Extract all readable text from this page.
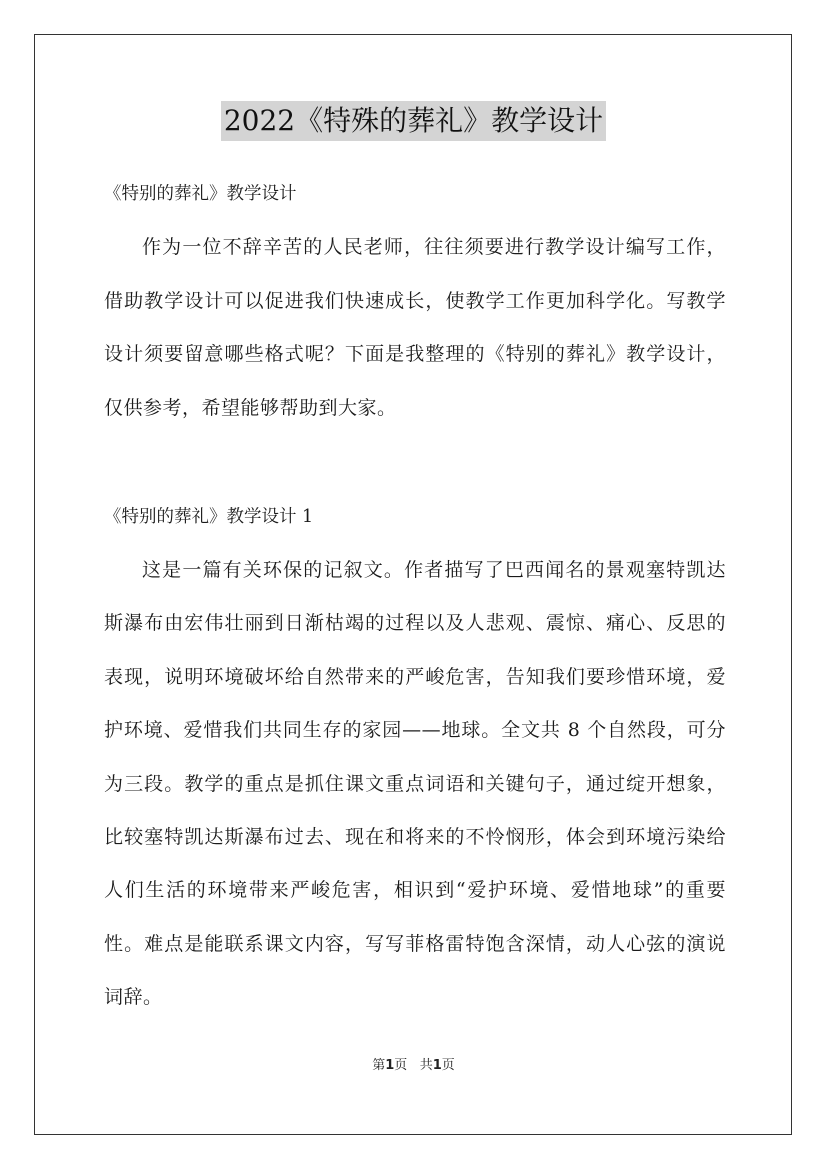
2022《特殊的葬礼》教学设计

《特别的葬礼》教学设计

作为一位不辞辛苦的人民老师，往往须要进行教学设计编写工作，借助教学设计可以促进我们快速成长，使教学工作更加科学化。写教学设计须要留意哪些格式呢？下面是我整理的《特别的葬礼》教学设计，仅供参考，希望能够帮助到大家。

《特别的葬礼》教学设计 1

这是一篇有关环保的记叙文。作者描写了巴西闻名的景观塞特凯达斯瀑布由宏伟壮丽到日渐枯竭的过程以及人悲观、震惊、痛心、反思的表现，说明环境破坏给自然带来的严峻危害，告知我们要珍惜环境，爱护环境、爱惜我们共同生存的家园——地球。全文共 8 个自然段，可分为三段。教学的重点是抓住课文重点词语和关键句子，通过绽开想象，比较塞特凯达斯瀑布过去、现在和将来的不怜悯形，体会到环境污染给人们生活的环境带来严峻危害，相识到“爱护环境、爱惜地球”的重要性。难点是能联系课文内容，写写菲格雷特饱含深情，动人心弦的演说词辞。

第1页 共1页
